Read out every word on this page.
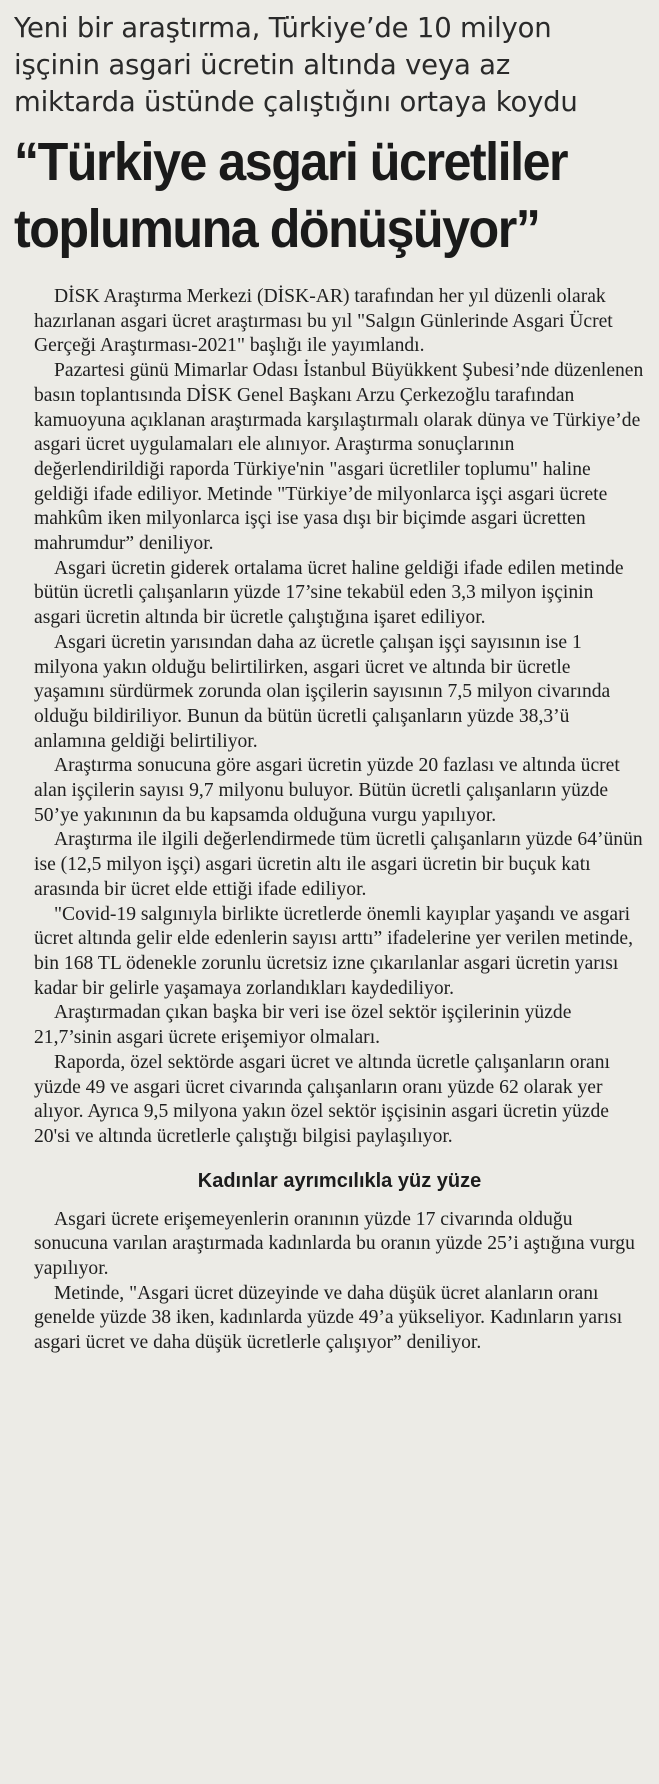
Yeni bir araştırma, Türkiye’de 10 milyon
işçinin asgari ücretin altında veya az
miktarda üstünde çalıştığını ortaya koydu
“Türkiye asgari ücretliler
toplumuna dönüşüyor”

DİSK Araştırma Merkezi (DİSK-AR) tarafından her yıl düzenli olarak hazırlanan asgari ücret araştırması bu yıl "Salgın Günlerinde Asgari Ücret Gerçeği Araştırması-2021" başlığı ile yayımlandı.

Pazartesi günü Mimarlar Odası İstanbul Büyükkent Şubesi’nde düzenlenen basın toplantısında DİSK Genel Başkanı Arzu Çerkezoğlu tarafından kamuoyuna açıklanan araştırmada karşılaştırmalı olarak dünya ve Türkiye’de asgari ücret uygulamaları ele alınıyor. Araştırma sonuçlarının değerlendirildiği raporda Türkiye'nin "asgari ücretliler toplumu" haline geldiği ifade ediliyor. Metinde "Türkiye’de milyonlarca işçi asgari ücrete mahkûm iken milyonlarca işçi ise yasa dışı bir biçimde asgari ücretten mahrumdur” deniliyor.

Asgari ücretin giderek ortalama ücret haline geldiği ifade edilen metinde bütün ücretli çalışanların yüzde 17’sine tekabül eden 3,3 milyon işçinin asgari ücretin altında bir ücretle çalıştığına işaret ediliyor.

Asgari ücretin yarısından daha az ücretle çalışan işçi sayısının ise 1 milyona yakın olduğu belirtilirken, asgari ücret ve altında bir ücretle yaşamını sürdürmek zorunda olan işçilerin sayısının 7,5 milyon civarında olduğu bildiriliyor. Bunun da bütün ücretli çalışanların yüzde 38,3’ü anlamına geldiği belirtiliyor.

Araştırma sonucuna göre asgari ücretin yüzde 20 fazlası ve altında ücret alan işçilerin sayısı 9,7 milyonu buluyor. Bütün ücretli çalışanların yüzde 50’ye yakınının da bu kapsamda olduğuna vurgu yapılıyor.

Araştırma ile ilgili değerlendirmede tüm ücretli çalışanların yüzde 64’ünün ise (12,5 milyon işçi) asgari ücretin altı ile asgari ücretin bir buçuk katı arasında bir ücret elde ettiği ifade ediliyor.

"Covid-19 salgınıyla birlikte ücretlerde önemli kayıplar yaşandı ve asgari ücret altında gelir elde edenlerin sayısı arttı” ifadelerine yer verilen metinde, bin 168 TL ödenekle zorunlu ücretsiz izne çıkarılanlar asgari ücretin yarısı kadar bir gelirle yaşamaya zorlandıkları kaydediliyor.

Araştırmadan çıkan başka bir veri ise özel sektör işçilerinin yüzde 21,7’sinin asgari ücrete erişemiyor olmaları.

Raporda, özel sektörde asgari ücret ve altında ücretle çalışanların oranı yüzde 49 ve asgari ücret civarında çalışanların oranı yüzde 62 olarak yer alıyor. Ayrıca 9,5 milyona yakın özel sektör işçisinin asgari ücretin yüzde 20'si ve altında ücretlerle çalıştığı bilgisi paylaşılıyor.

Kadınlar ayrımcılıkla yüz yüze

Asgari ücrete erişemeyenlerin oranının yüzde 17 civarında olduğu sonucuna varılan araştırmada kadınlarda bu oranın yüzde 25’i aştığına vurgu yapılıyor.

Metinde, "Asgari ücret düzeyinde ve daha düşük ücret alanların oranı genelde yüzde 38 iken, kadınlarda yüzde 49’a yükseliyor. Kadınların yarısı asgari ücret ve daha düşük ücretlerle çalışıyor” deniliyor.
